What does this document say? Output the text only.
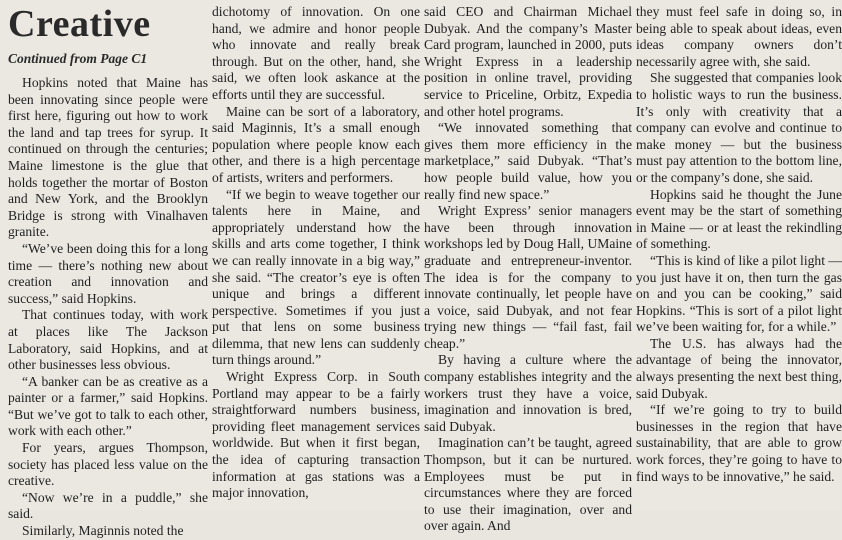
Creative
Continued from Page C1

Hopkins noted that Maine has been innovating since people were first here, figuring out how to work the land and tap trees for syrup. It continued on through the centuries; Maine limestone is the glue that holds together the mortar of Boston and New York, and the Brooklyn Bridge is strong with Vinalhaven granite.

“We’ve been doing this for a long time — there’s nothing new about creation and innovation and success,” said Hopkins.

That continues today, with work at places like The Jackson Laboratory, said Hopkins, and at other businesses less obvious.

“A banker can be as creative as a painter or a farmer,” said Hopkins. “But we’ve got to talk to each other, work with each other.”

For years, argues Thompson, society has placed less value on the creative.

“Now we’re in a puddle,” she said.

Similarly, Maginnis noted the

dichotomy of innovation. On one hand, we admire and honor people who innovate and really break through. But on the other, hand, she said, we often look askance at the efforts until they are successful.

Maine can be sort of a laboratory, said Maginnis, It’s a small enough population where people know each other, and there is a high percentage of artists, writers and performers.

“If we begin to weave together our talents here in Maine, and appropriately understand how the skills and arts come together, I think we can really innovate in a big way,” she said. “The creator’s eye is often unique and brings a different perspective. Sometimes if you just put that lens on some business dilemma, that new lens can suddenly turn things around.”

Wright Express Corp. in South Portland may appear to be a fairly straightforward numbers business, providing fleet management services worldwide. But when it first began, the idea of capturing transaction information at gas stations was a major innovation,

said CEO and Chairman Michael Dubyak. And the company’s Master Card program, launched in 2000, puts Wright Express in a leadership position in online travel, providing service to Priceline, Orbitz, Expedia and other hotel programs.

“We innovated something that gives them more efficiency in the marketplace,” said Dubyak. “That’s how people build value, how you really find new space.”

Wright Express’ senior managers have been through innovation workshops led by Doug Hall, UMaine graduate and entrepreneur-inventor. The idea is for the company to innovate continually, let people have a voice, said Dubyak, and not fear trying new things — “fail fast, fail cheap.”

By having a culture where the company establishes integrity and the workers trust they have a voice, imagination and innovation is bred, said Dubyak.

Imagination can’t be taught, agreed Thompson, but it can be nurtured. Employees must be put in circumstances where they are forced to use their imagination, over and over again. And

they must feel safe in doing so, in being able to speak about ideas, even ideas company owners don’t necessarily agree with, she said.

She suggested that companies look to holistic ways to run the business. It’s only with creativity that a company can evolve and continue to make money — but the business must pay attention to the bottom line, or the company’s done, she said.

Hopkins said he thought the June event may be the start of something in Maine — or at least the rekindling of something.

“This is kind of like a pilot light — you just have it on, then turn the gas on and you can be cooking,” said Hopkins. “This is sort of a pilot light we’ve been waiting for, for a while.”

The U.S. has always had the advantage of being the innovator, always presenting the next best thing, said Dubyak.

“If we’re going to try to build businesses in the region that have sustainability, that are able to grow work forces, they’re going to have to find ways to be innovative,” he said.
